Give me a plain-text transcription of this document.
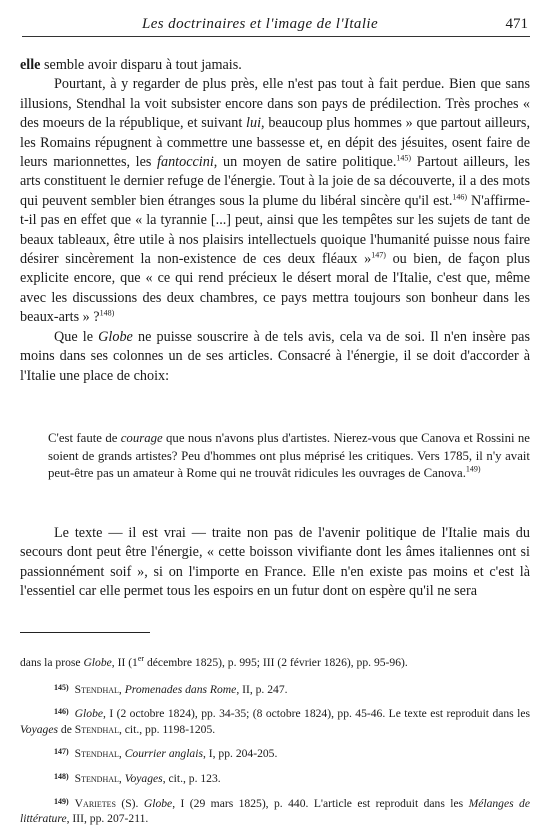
Les doctrinaires et l'image de l'Italie	471

elle semble avoir disparu à tout jamais.

Pourtant, à y regarder de plus près, elle n'est pas tout à fait perdue. Bien que sans illusions, Stendhal la voit subsister encore dans son pays de prédilection. Très proches « des moeurs de la république, et suivant lui, beaucoup plus hommes » que partout ailleurs, les Romains répugnent à commettre une bassesse et, en dépit des jésuites, osent faire de leurs marionnettes, les fantoccini, un moyen de satire politique.$^{145)}$ Partout ailleurs, les arts constituent le dernier refuge de l'énergie. Tout à la joie de sa découverte, il a des mots qui peuvent sembler bien étranges sous la plume du libéral sincère qu'il est.$^{146)}$ N'affirme-t-il pas en effet que « la tyrannie [...] peut, ainsi que les tempêtes sur les sujets de tant de beaux tableaux, être utile à nos plaisirs intellectuels quoique l'humanité puisse nous faire désirer sincèrement la non-existence de ces deux fléaux »$^{147)}$ ou bien, de façon plus explicite encore, que « ce qui rend précieux le désert moral de l'Italie, c'est que, même avec les discussions des deux chambres, ce pays mettra toujours son bonheur dans les beaux-arts » ?$^{148)}$

Que le Globe ne puisse souscrire à de tels avis, cela va de soi. Il n'en insère pas moins dans ses colonnes un de ses articles. Consacré à l'énergie, il se doit d'accorder à l'Italie une place de choix:

C'est faute de courage que nous n'avons plus d'artistes. Nierez-vous que Canova et Rossini ne soient de grands artistes? Peu d'hommes ont plus méprisé les critiques. Vers 1785, il n'y avait peut-être pas un amateur à Rome qui ne trouvât ridicules les ouvrages de Canova.$^{149)}$

Le texte — il est vrai — traite non pas de l'avenir politique de l'Italie mais du secours dont peut être l'énergie, « cette boisson vivifiante dont les âmes italiennes ont si passionnément soif », si on l'importe en France. Elle n'en existe pas moins et c'est là l'essentiel car elle permet tous les espoirs en un futur dont on espère qu'il ne sera

dans la prose Globe, II (1er décembre 1825), p. 995; III (2 février 1826), pp. 95-96).

$^{145)}$ Stendhal, Promenades dans Rome, II, p. 247.

$^{146)}$ Globe, I (2 octobre 1824), pp. 34-35; (8 octobre 1824), pp. 45-46. Le texte est reproduit dans les Voyages de Stendhal, cit., pp. 1198-1205.

$^{147)}$ Stendhal, Courrier anglais, I, pp. 204-205.

$^{148)}$ Stendhal, Voyages, cit., p. 123.

$^{149)}$ Varietes (S). Globe, I (29 mars 1825), p. 440. L'article est reproduit dans les Mélanges de littérature, III, pp. 207-211.
